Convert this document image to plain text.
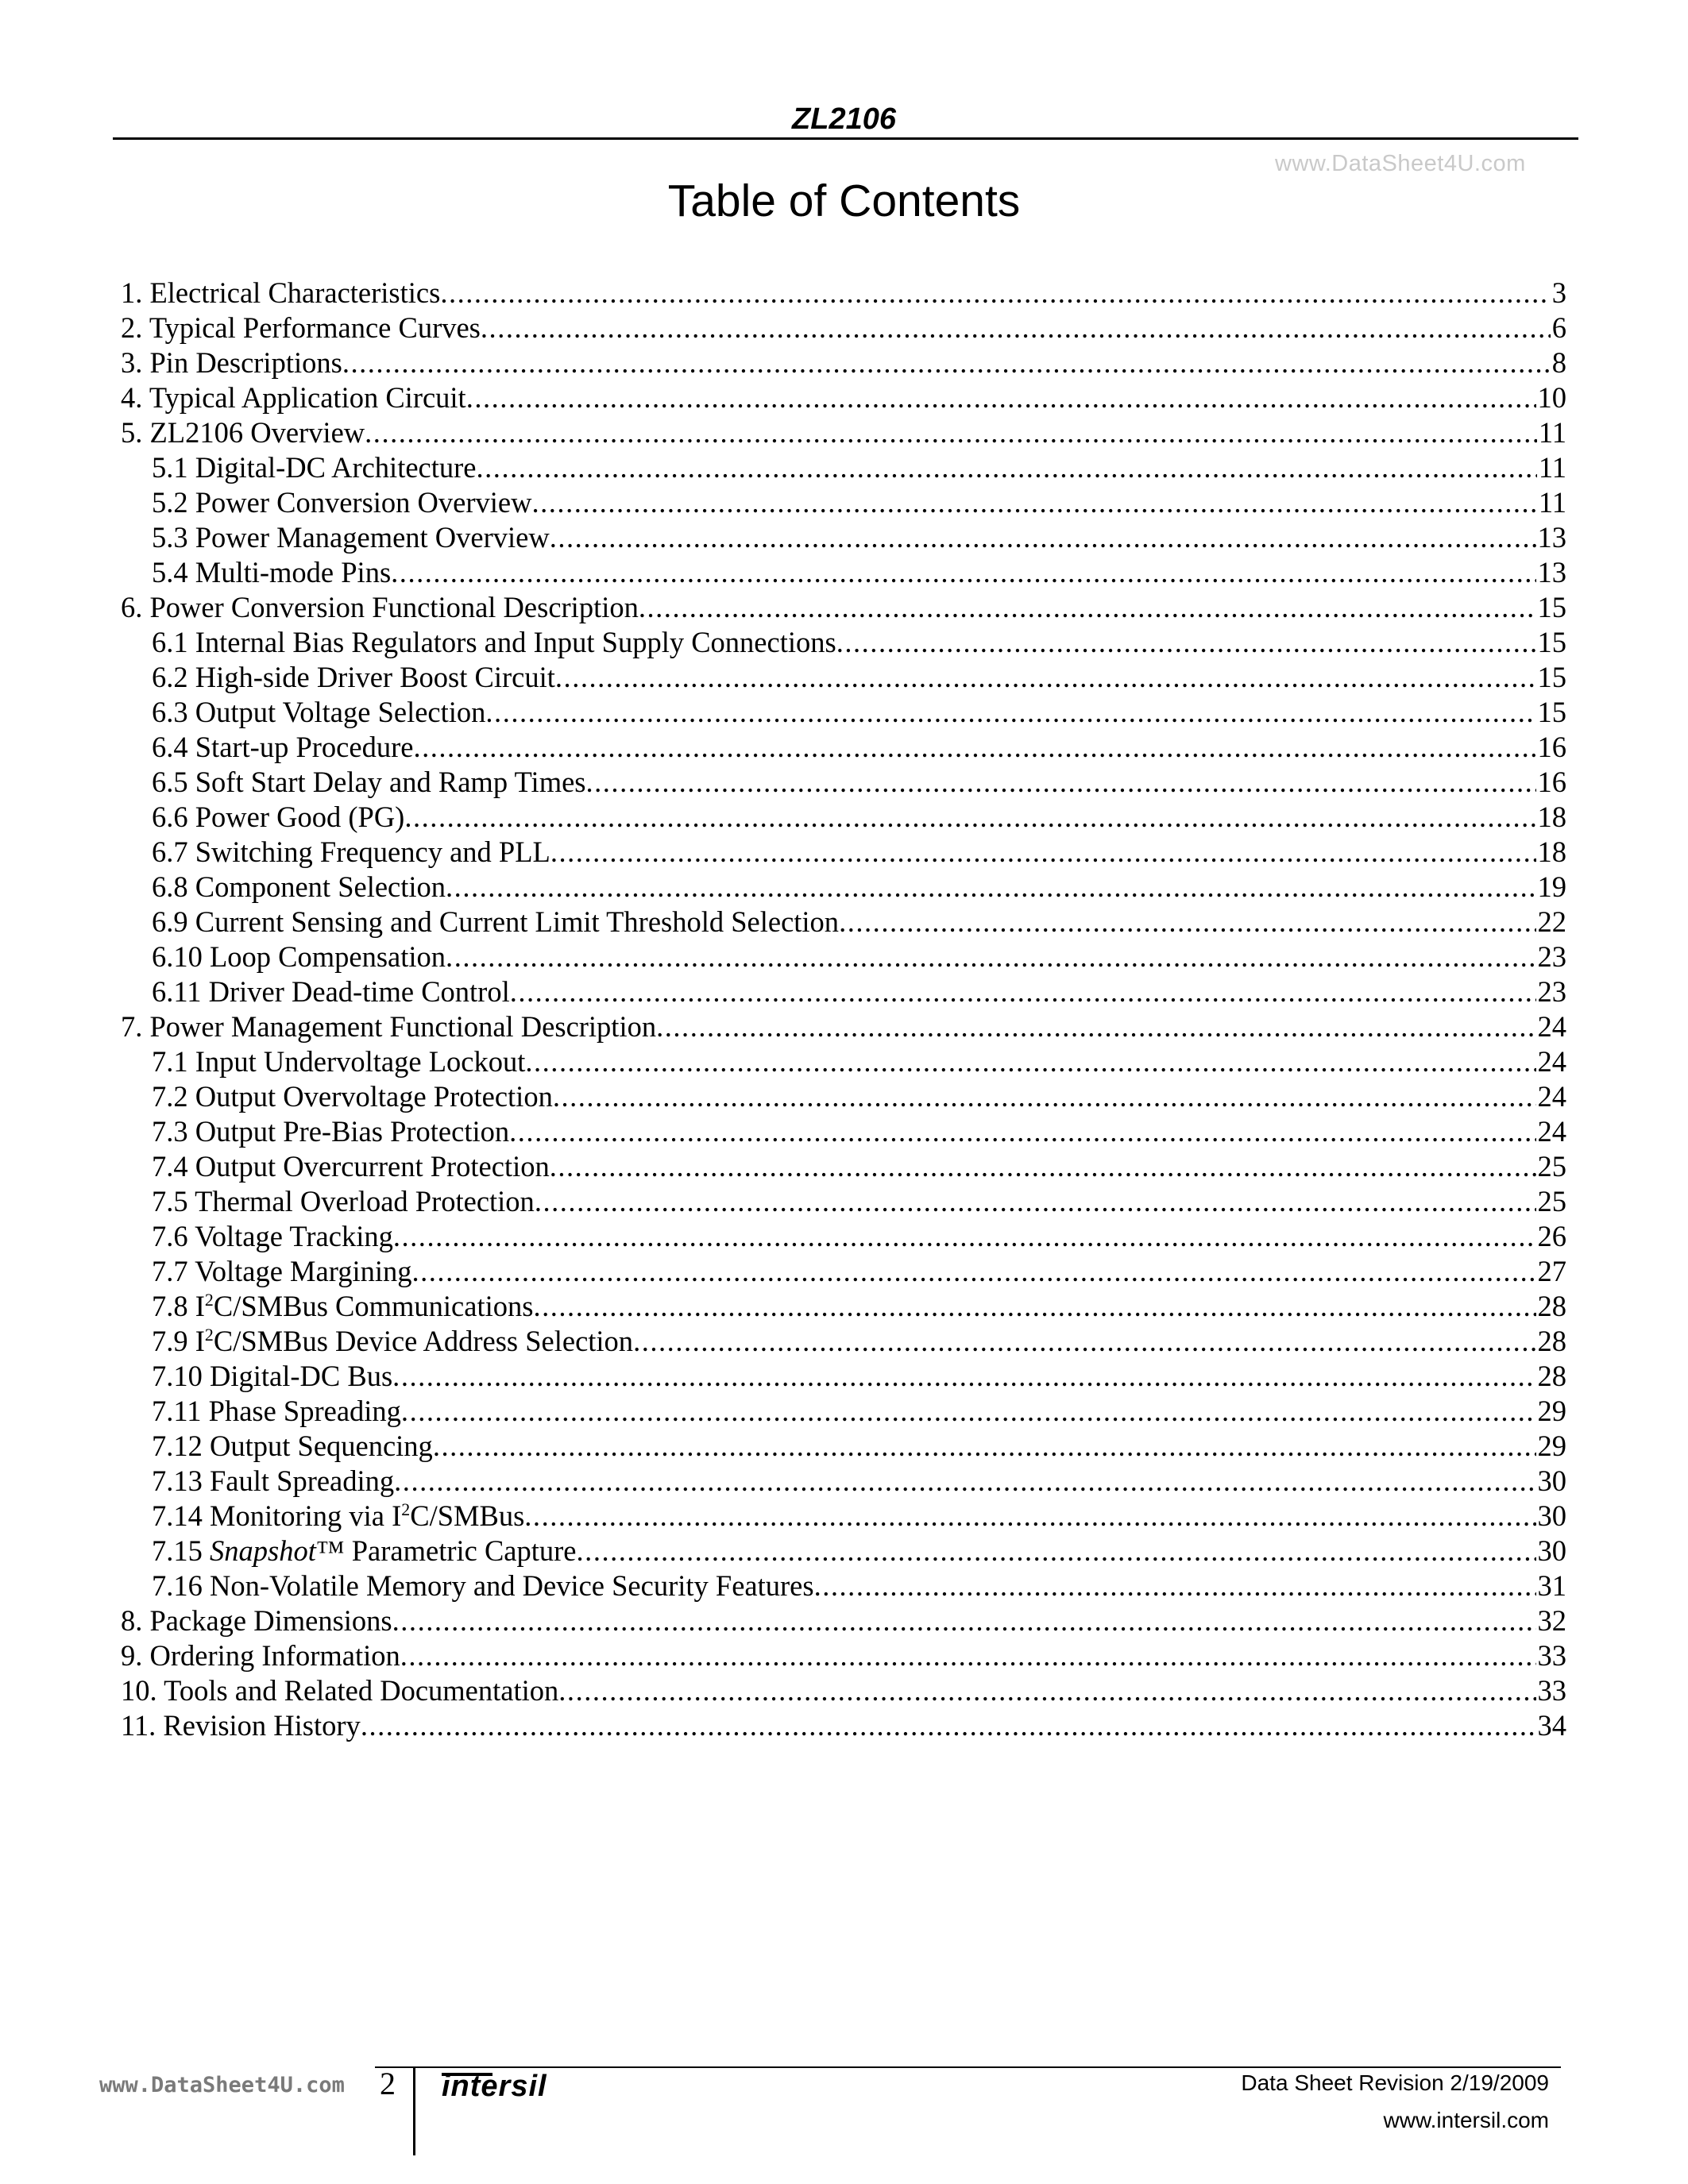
ZL2106
www.DataSheet4U.com
Table of Contents
1. Electrical Characteristics . . .	3
2. Typical Performance Curves . . .	6
3. Pin Descriptions . . .	8
4. Typical Application Circuit . . .	10
5. ZL2106 Overview . . .	11
5.1 Digital-DC Architecture . . .	11
5.2 Power Conversion Overview . . .	11
5.3 Power Management Overview . . .	13
5.4 Multi-mode Pins . . .	13
6. Power Conversion Functional Description . . .	15
6.1 Internal Bias Regulators and Input Supply Connections . . .	15
6.2 High-side Driver Boost Circuit . . .	15
6.3 Output Voltage Selection . . .	15
6.4 Start-up Procedure . . .	16
6.5 Soft Start Delay and Ramp Times . . .	16
6.6 Power Good (PG) . . .	18
6.7 Switching Frequency and PLL . . .	18
6.8 Component Selection . . .	19
6.9 Current Sensing and Current Limit Threshold Selection . . .	22
6.10 Loop Compensation . . .	23
6.11 Driver Dead-time Control . . .	23
7. Power Management Functional Description . . .	24
7.1 Input Undervoltage Lockout . . .	24
7.2 Output Overvoltage Protection . . .	24
7.3 Output Pre-Bias Protection . . .	24
7.4 Output Overcurrent Protection . . .	25
7.5 Thermal Overload Protection . . .	25
7.6 Voltage Tracking . . .	26
7.7 Voltage Margining . . .	27
7.8 $I^2C$/SMBus Communications . . .	28
7.9 $I^2C$/SMBus Device Address Selection . . .	28
7.10 Digital-DC Bus . . .	28
7.11 Phase Spreading . . .	29
7.12 Output Sequencing . . .	29
7.13 Fault Spreading . . .	30
7.14 Monitoring via $I^2C$/SMBus . . .	30
7.15 Snapshot™ Parametric Capture . . .	30
7.16 Non-Volatile Memory and Device Security Features . . .	31
8. Package Dimensions . . .	32
9. Ordering Information . . .	33
10. Tools and Related Documentation . . .	33
11. Revision History . . .	34
www.DataSheet4U.com 2 intersil	Data Sheet Revision 2/19/2009
www.intersil.com
